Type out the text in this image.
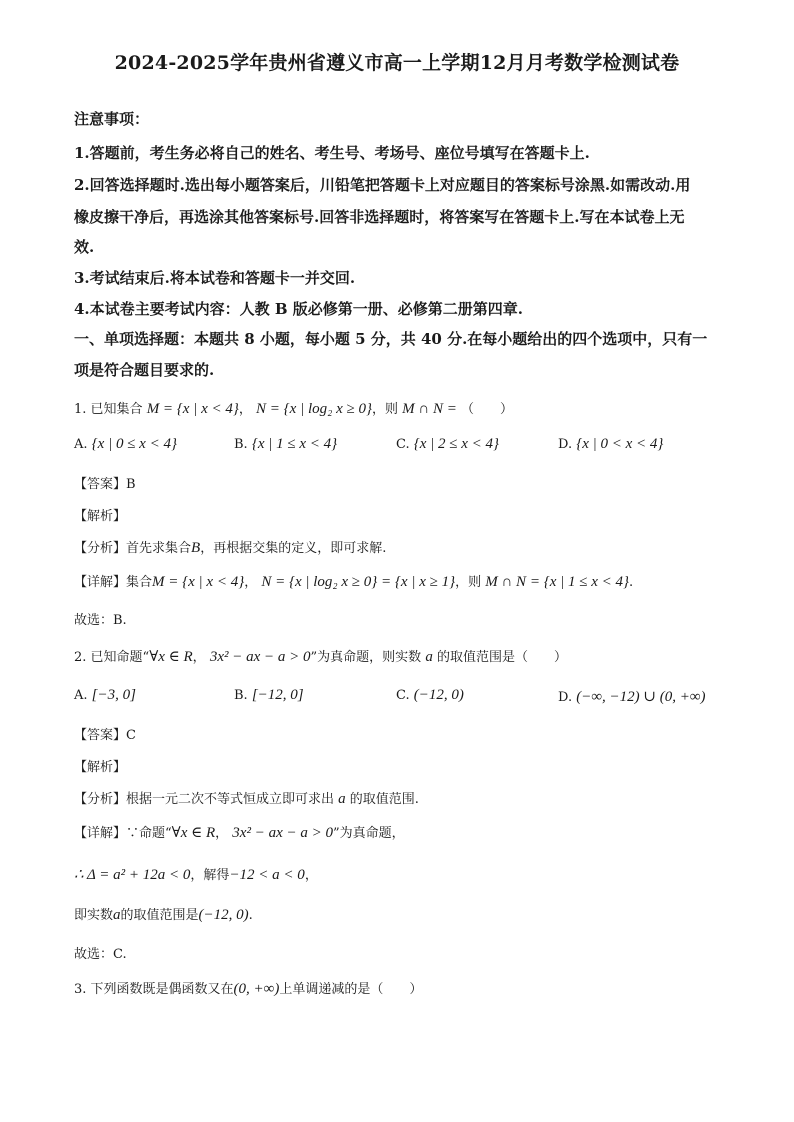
2024-2025学年贵州省遵义市高一上学期12月月考数学检测试卷
注意事项：
1.答题前，考生务必将自己的姓名、考生号、考场号、座位号填写在答题卡上.
2.回答选择题时.选出每小题答案后，川铅笔把答题卡上对应题目的答案标号涂黑.如需改动.用
橡皮擦干净后，再选涂其他答案标号.回答非选择题时，将答案写在答题卡上.写在本试卷上无
效.
3.考试结束后.将本试卷和答题卡一并交回.
4.本试卷主要考试内容：人教 B 版必修第一册、必修第二册第四章.
一、单项选择题：本题共 8 小题，每小题 5 分，共 40 分.在每小题给出的四个选项中，只有一
项是符合题目要求的.
1. 已知集合 M = {x | x < 4}， N = {x | log₂ x ≥ 0}，则 M ∩ N = （　　）
A. {x | 0 ≤ x < 4}	B. {x | 1 ≤ x < 4}	C. {x | 2 ≤ x < 4}	D. {x | 0 < x < 4}
【答案】B
【解析】
【分析】首先求集合B，再根据交集的定义，即可求解.
【详解】集合M = {x | x < 4}， N = {x | log₂ x ≥ 0} = {x | x ≥ 1}，则 M ∩ N = {x | 1 ≤ x < 4}.
故选：B.
2. 已知命题“∀x ∈ R， 3x² − ax − a > 0”为真命题，则实数 a 的取值范围是（　　）
A. [−3, 0]	B. [−12, 0]	C. (−12, 0)	D. (−∞, −12) ∪ (0, +∞)
【答案】C
【解析】
【分析】根据一元二次不等式恒成立即可求出 a 的取值范围.
【详解】∵命题“∀x ∈ R， 3x² − ax − a > 0”为真命题，
∴ Δ = a² + 12a < 0，解得−12 < a < 0，
即实数a的取值范围是(−12, 0).
故选：C.
3. 下列函数既是偶函数又在(0, +∞)上单调递减的是（　　）
